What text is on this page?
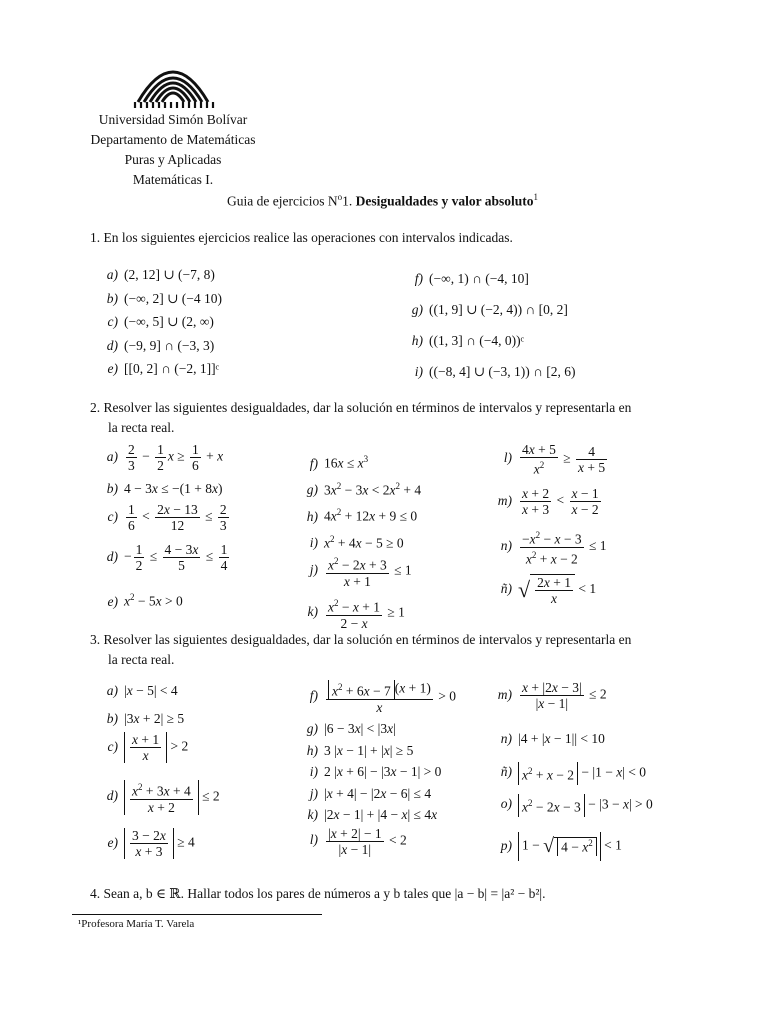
Universidad Simón Bolívar
Departamento de Matemáticas
Puras y Aplicadas
Matemáticas I.
Guia de ejercicios $N^o1$. Desigualdades y valor absoluto$^1$
1. En los siguientes ejercicios realice las operaciones con intervalos indicadas.
a) (2, 12] ∪ (−7, 8)
b) (−∞, 2] ∪ (−4 10)
c) (−∞, 5] ∪ (2, ∞)
d) (−9, 9] ∩ (−3, 3)
e) [[0, 2] ∩ (−2, 1]]ᶜ
f) (−∞, 1) ∩ (−4, 10]
g) ((1, 9] ∪ (−2, 4)) ∩ [0, 2]
h) ((1, 3] ∩ (−4, 0))ᶜ
i) ((−8, 4] ∪ (−3, 1)) ∩ [2, 6)
2. Resolver las siguientes desigualdades, dar la solución en términos de intervalos y representarla en
la recta real.
$a) \frac{2}{3} - \frac{1}{2}$ $x \ge \frac{1}{6} + x$
b) 4 − 3x ≤ −(1 + 8x)
$c) \frac{1}{6} < \frac{2x - 13}{12} \le \frac{2}{3}$
$d) - \frac{1}{2} \le \frac{4 - 3x}{5} \le \frac{1}{4}$
e) $x^2 - 5x > 0$
f) $16x \le x^3$
g) $3x^2 - 3x < 2x^2 + 4$
h) $4x^2 + 12x + 9 \le 0$
i) $x^2 + 4x - 5 \ge 0$
$j) \frac{x^2 - 2x + 3}{x + 1} \le 1$
$k) \frac{x^2 - x + 1}{2 - x} \ge 1$
$l) \frac{4x + 5}{x^2} \ge \frac{4}{x + 5}$
$m) \frac{x + 2}{x + 3} < \frac{x - 1}{x - 2}$
$n) \frac{-x^2 - x - 3}{x^2 + x - 2} \le 1$
ñ) √ $\frac{2x + 1}{x} < 1$
3. Resolver las siguientes desigualdades, dar la solución en términos de intervalos y representarla en
la recta real.
a) |x − 5| < 4
b) |3x + 2| ≥ 5
$c) \frac{x + 1}{x} > 2$
$d) \frac{x^2 + 3x + 4}{x + 2} \le 2$
$e) \frac{3 - 2x}{x + 3} \ge 4$
$f) \frac{x^2 + 6x - 7 (x + 1)}{x} > 0$
g) |6 − 3x| < |3x|
h) 3 |x − 1| + |x| ≥ 5
i) 2 |x + 6| − |3x − 1| > 0
j) |x + 4| − |2x − 6| ≤ 4
k) |2x − 1| + |4 − x| ≤ 4x
$l) \frac{|x + 2| - 1}{|x - 1|} < 2$
$m) \frac{x + |2x - 3|}{|x - 1|} \le 2$
n) |4 + |x − 1|| < 10
ñ) $x^2 + x - 2 - |1 - x| < 0$
o) $x^2 - 2x - 3 - |3 - x| > 0$
p) 1 − √ $4 - x^2 < 1$
4. Sean a, b ∈ ℝ. Hallar todos los pares de números a y b tales que |a − b| = |a² − b²|.
¹Profesora María T. Varela
